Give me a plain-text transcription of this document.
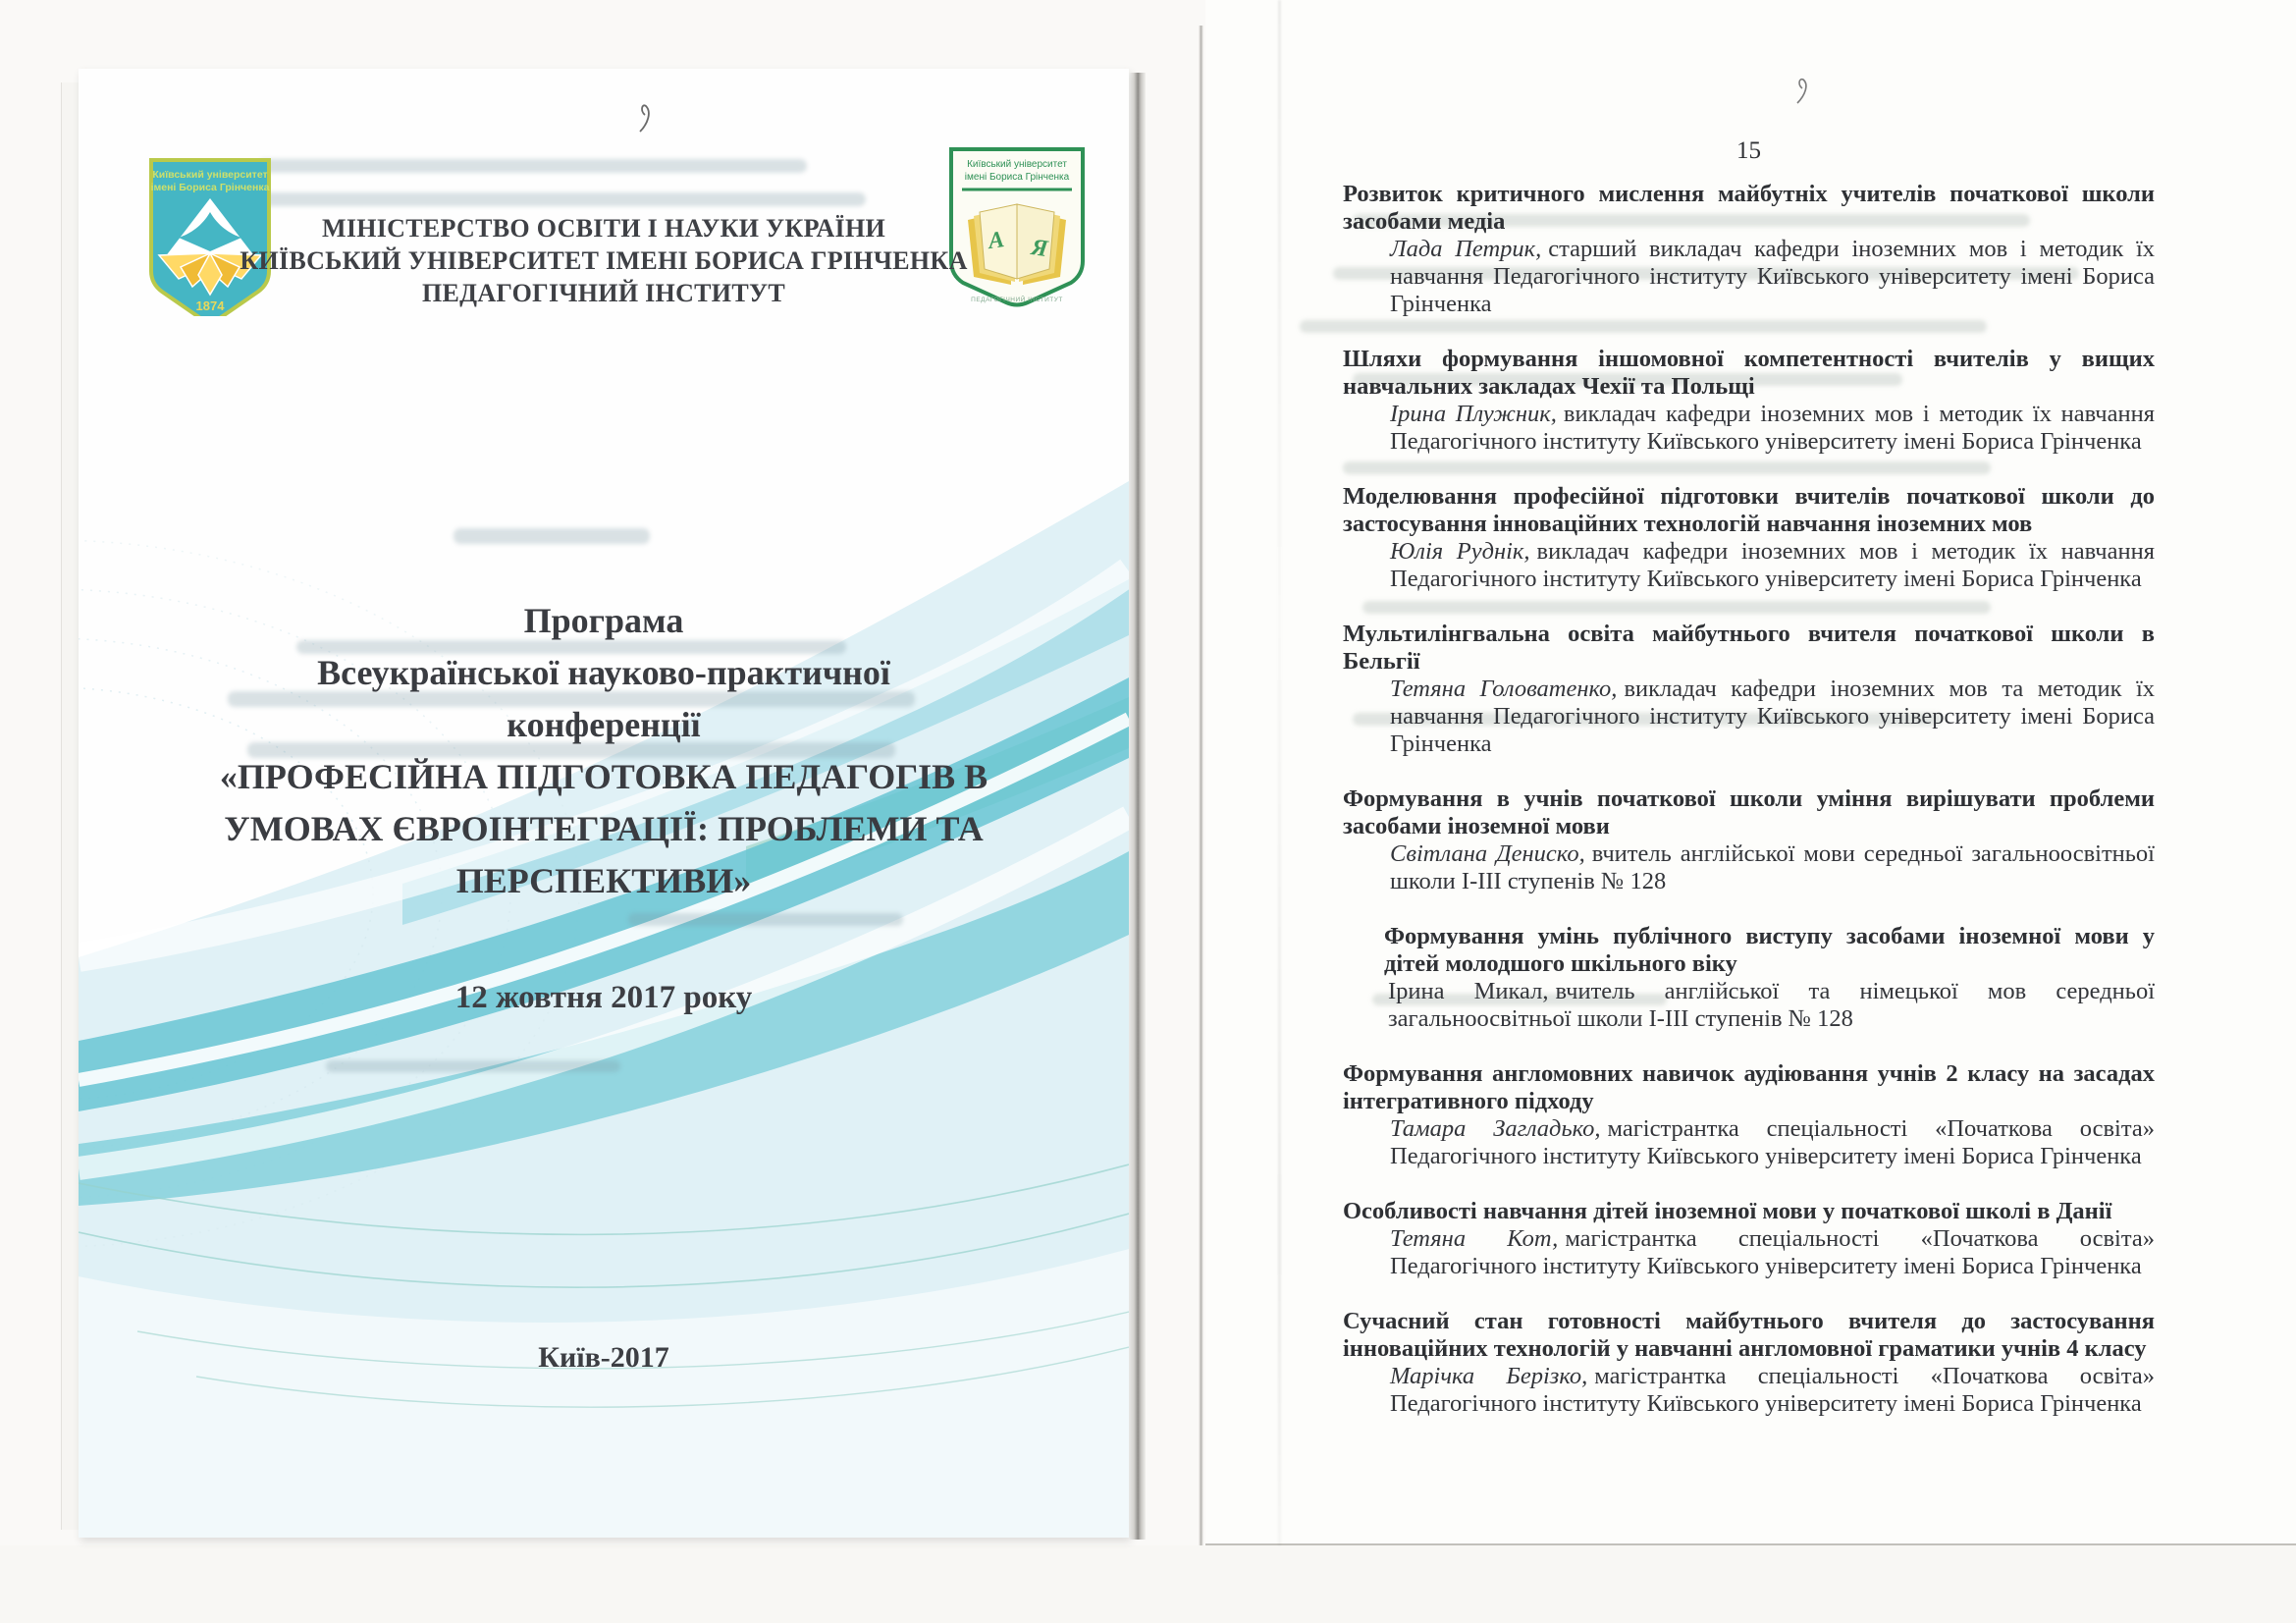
Київський університет
імені Бориса Грінченка
1874
Київський університет
імені Бориса Грінченка
А Я
ПЕДАГОГІЧНИЙ ІНСТИТУТ
МІНІСТЕРСТВО ОСВІТИ І НАУКИ УКРАЇНИ
КИЇВСЬКИЙ УНІВЕРСИТЕТ ІМЕНІ БОРИСА ГРІНЧЕНКА
ПЕДАГОГІЧНИЙ ІНСТИТУТ
Програма
Всеукраїнської науково-практичної
конференції
«ПРОФЕСІЙНА ПІДГОТОВКА ПЕДАГОГІВ В
УМОВАХ ЄВРОІНТЕГРАЦІЇ: ПРОБЛЕМИ ТА
ПЕРСПЕКТИВИ»
12 жовтня 2017 року
Київ-2017
15
Розвиток критичного мислення майбутніх учителів початкової школи засобами медіа
Лада Петрик, старший викладач кафедри іноземних мов і методик їх навчання Педагогічного інституту Київського університету імені Бориса Грінченка
Шляхи формування іншомовної компетентності вчителів у вищих навчальних закладах Чехії та Польщі
Ірина Плужник, викладач кафедри іноземних мов і методик їх навчання Педагогічного інституту Київського університету імені Бориса Грінченка
Моделювання професійної підготовки вчителів початкової школи до застосування інноваційних технологій навчання іноземних мов
Юлія Руднік, викладач кафедри іноземних мов і методик їх навчання Педагогічного інституту Київського університету імені Бориса Грінченка
Мультилінгвальна освіта майбутнього вчителя початкової школи в Бельгії
Тетяна Головатенко, викладач кафедри іноземних мов та методик їх навчання Педагогічного інституту Київського університету імені Бориса Грінченка
Формування в учнів початкової школи уміння вирішувати проблеми засобами іноземної мови
Світлана Дениско, вчитель англійської мови середньої загальноосвітньої школи І-ІІІ ступенів № 128
Формування умінь публічного виступу засобами іноземної мови у дітей молодшого шкільного віку
Ірина Микал, вчитель англійської та німецької мов середньої загальноосвітньої школи І-ІІІ ступенів № 128
Формування англомовних навичок аудіювання учнів 2 класу на засадах інтегративного підходу
Тамара Загладько, магістрантка спеціальності «Початкова освіта» Педагогічного інституту Київського університету імені Бориса Грінченка
Особливості навчання дітей іноземної мови у початкової школі в Данії
Тетяна Кот, магістрантка спеціальності «Початкова освіта» Педагогічного інституту Київського університету імені Бориса Грінченка
Сучасний стан готовності майбутнього вчителя до застосування інноваційних технологій у навчанні англомовної граматики учнів 4 класу
Марічка Берізко, магістрантка спеціальності «Початкова освіта» Педагогічного інституту Київського університету імені Бориса Грінченка
